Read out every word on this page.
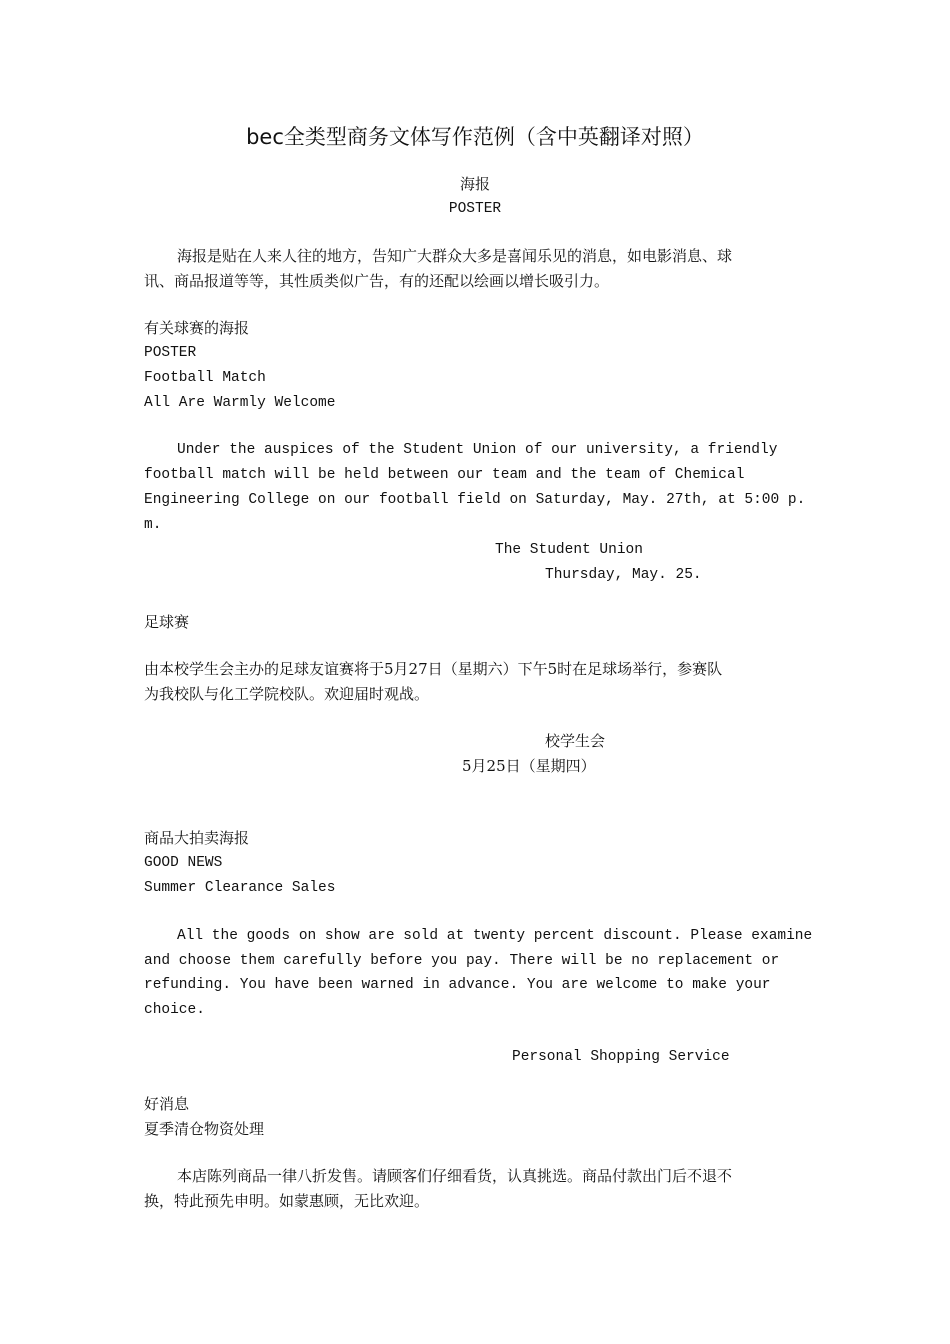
bec全类型商务文体写作范例（含中英翻译对照）
海报
POSTER
海报是贴在人来人往的地方，告知广大群众大多是喜闻乐见的消息，如电影消息、球
讯、商品报道等等，其性质类似广告，有的还配以绘画以增长吸引力。
有关球赛的海报
POSTER
Football Match
All Are Warmly Welcome
Under the auspices of the Student Union of our university, a friendly
football match will be held between our team and the team of Chemical
Engineering College on our football field on Saturday, May. 27th, at 5:00 p.
m.
The Student Union
Thursday, May. 25.
足球赛
由本校学生会主办的足球友谊赛将于5月27日（星期六）下午5时在足球场举行，参赛队
为我校队与化工学院校队。欢迎届时观战。
校学生会
5月25日（星期四）
商品大拍卖海报
GOOD NEWS
Summer Clearance Sales
All the goods on show are sold at twenty percent discount. Please examine
and choose them carefully before you pay. There will be no replacement or
refunding. You have been warned in advance. You are welcome to make your
choice.
Personal Shopping Service
好消息
夏季清仓物资处理
本店陈列商品一律八折发售。请顾客们仔细看货，认真挑选。商品付款出门后不退不
换，特此预先申明。如蒙惠顾，无比欢迎。
